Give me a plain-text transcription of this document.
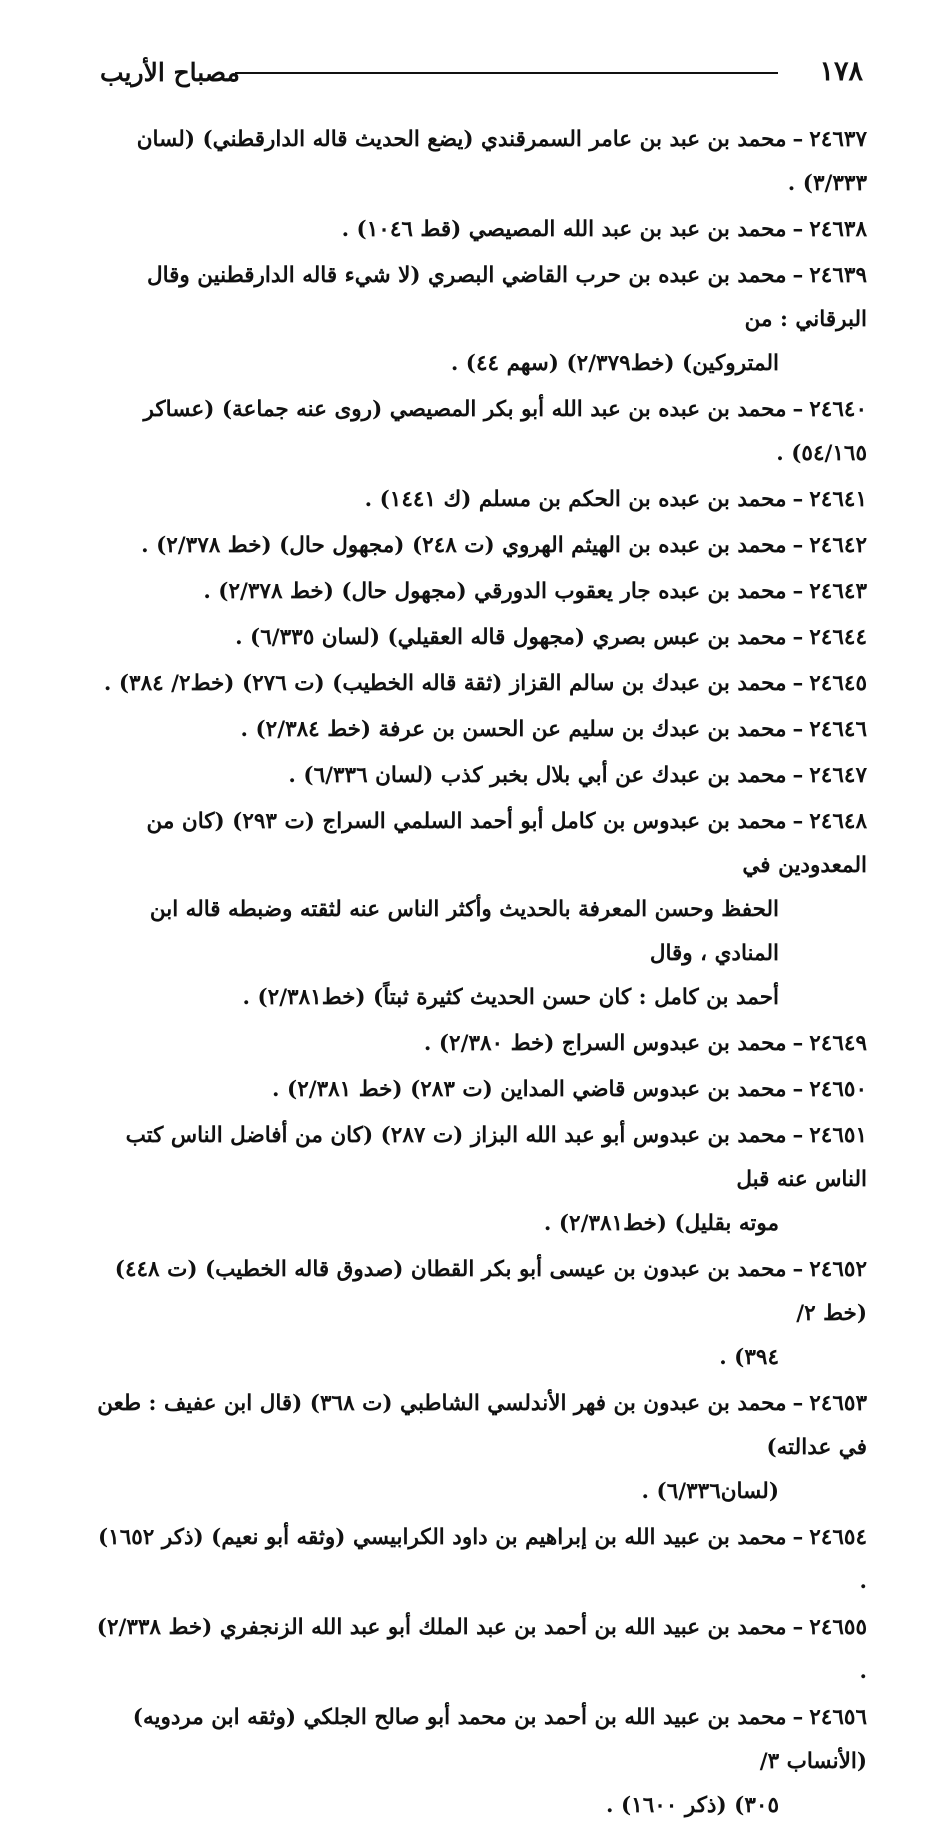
١٧٨
مصباح الأريب

٢٤٦٣٧–محمد بن عبد بن عامر السمرقندي (يضع الحديث قاله الدارقطني) (لسان ٣/٣٣٣) .

٢٤٦٣٨–محمد بن عبد بن عبد الله المصيصي (قط ١٠٤٦) .

٢٤٦٣٩–محمد بن عبده بن حرب القاضي البصري (لا شيء قاله الدارقطنين وقال البرقاني : من
المتروكين) (خط٢/٣٧٩) (سهم ٤٤) .

٢٤٦٤٠–محمد بن عبده بن عبد الله أبو بكر المصيصي (روى عنه جماعة) (عساكر ٥٤/١٦٥) .

٢٤٦٤١–محمد بن عبده بن الحكم بن مسلم (ك ١٤٤١) .

٢٤٦٤٢–محمد بن عبده بن الهيثم الهروي (ت ٢٤٨) (مجهول حال) (خط ٢/٣٧٨) .

٢٤٦٤٣–محمد بن عبده جار يعقوب الدورقي (مجهول حال) (خط ٢/٣٧٨) .

٢٤٦٤٤–محمد بن عبس بصري (مجهول قاله العقيلي) (لسان ٦/٣٣٥) .

٢٤٦٤٥–محمد بن عبدك بن سالم القزاز (ثقة قاله الخطيب) (ت ٢٧٦) (خط٢/ ٣٨٤) .

٢٤٦٤٦–محمد بن عبدك بن سليم عن الحسن بن عرفة (خط ٢/٣٨٤) .

٢٤٦٤٧–محمد بن عبدك عن أبي بلال بخبر كذب (لسان ٦/٣٣٦) .

٢٤٦٤٨–محمد بن عبدوس بن كامل أبو أحمد السلمي السراج (ت ٢٩٣) (كان من المعدودين في
الحفظ وحسن المعرفة بالحديث وأكثر الناس عنه لثقته وضبطه قاله ابن المنادي ، وقال
أحمد بن كامل : كان حسن الحديث كثيرة ثبتاً) (خط٢/٣٨١) .

٢٤٦٤٩–محمد بن عبدوس السراج (خط ٢/٣٨٠) .

٢٤٦٥٠–محمد بن عبدوس قاضي المداين (ت ٢٨٣) (خط ٢/٣٨١) .

٢٤٦٥١–محمد بن عبدوس أبو عبد الله البزاز (ت ٢٨٧) (كان من أفاضل الناس كتب الناس عنه قبل
موته بقليل) (خط٢/٣٨١) .

٢٤٦٥٢–محمد بن عبدون بن عيسى أبو بكر القطان (صدوق قاله الخطيب) (ت ٤٤٨) (خط ٢/
٣٩٤) .

٢٤٦٥٣–محمد بن عبدون بن فهر الأندلسي الشاطبي (ت ٣٦٨) (قال ابن عفيف : طعن في عدالته)
(لسان٦/٣٣٦) .

٢٤٦٥٤–محمد بن عبيد الله بن إبراهيم بن داود الكرابيسي (وثقه أبو نعيم) (ذكر ١٦٥٢) .

٢٤٦٥٥–محمد بن عبيد الله بن أحمد بن عبد الملك أبو عبد الله الزنجفري (خط ٢/٣٣٨) .

٢٤٦٥٦–محمد بن عبيد الله بن أحمد بن محمد أبو صالح الجلكي (وثقه ابن مردويه) (الأنساب ٣/
٣٠٥) (ذكر ١٦٠٠) .
